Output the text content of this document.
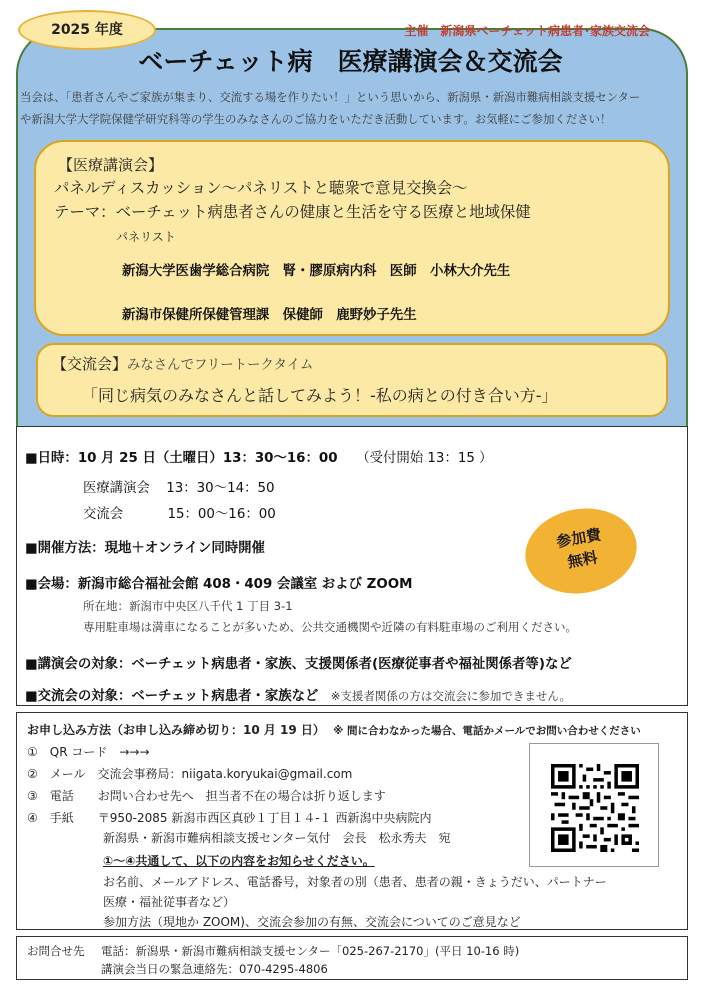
2025 年度	主催　新潟県ベーチェット病患者･家族交流会
ベーチェット病　医療講演会＆交流会
当会は、「患者さんやご家族が集まり、交流する場を作りたい！」という思いから、新潟県・新潟市難病相談支援センター
や新潟大学大学院保健学研究科等の学生のみなさんのご協力をいただき活動しています。お気軽にご参加ください！
【医療講演会】
パネルディスカッション～パネリストと聴衆で意見交換会～
テーマ：ベーチェット病患者さんの健康と生活を守る医療と地域保健
パネリスト
新潟大学医歯学総合病院　腎・膠原病内科　医師　小林大介先生
新潟市保健所保健管理課　保健師　鹿野妙子先生
【交流会】みなさんでフリートークタイム
「同じ病気のみなさんと話してみよう！-私の病との付き合い方-」
■日時：10 月 25 日（土曜日）13：30～16：00 （受付開始 13：15 ）
医療講演会 13：30～14：50
交流会	15：00～16：00
■開催方法：現地＋オンライン同時開催
■会場：新潟市総合福祉会館 408・409 会議室 および ZOOM
所在地：新潟市中央区八千代 1 丁目 3-1
専用駐車場は満車になることが多いため、公共交通機関や近隣の有料駐車場のご利用ください。
■講演会の対象：ベーチェット病患者・家族、支援関係者(医療従事者や福祉関係者等)など
■交流会の対象：ベーチェット病患者・家族など ※支援者関係の方は交流会に参加できません。
参加費
無料
お申し込み方法（お申し込み締め切り：10 月 19 日） ※ 間に合わなかった場合、電話かメールでお問い合わせください
①　QR コード　→→→
②　メール　交流会事務局：niigata.koryukai@gmail.com
③　電話　　お問い合わせ先へ　担当者不在の場合は折り返します
④　手紙　　〒950-2085 新潟市西区真砂１丁目１４-１ 西新潟中央病院内
新潟県・新潟市難病相談支援センター気付　会長　松永秀夫　宛
①～④共通して、以下の内容をお知らせください。
お名前、メールアドレス、電話番号，対象者の別（患者、患者の親・きょうだい、パートナー
医療・福祉従事者など）
参加方法（現地か ZOOM)、交流会参加の有無、交流会についてのご意見など
お問合せ先 電話：新潟県・新潟市難病相談支援センター「025-267-2170」(平日 10-16 時)
講演会当日の緊急連絡先：070-4295-4806
